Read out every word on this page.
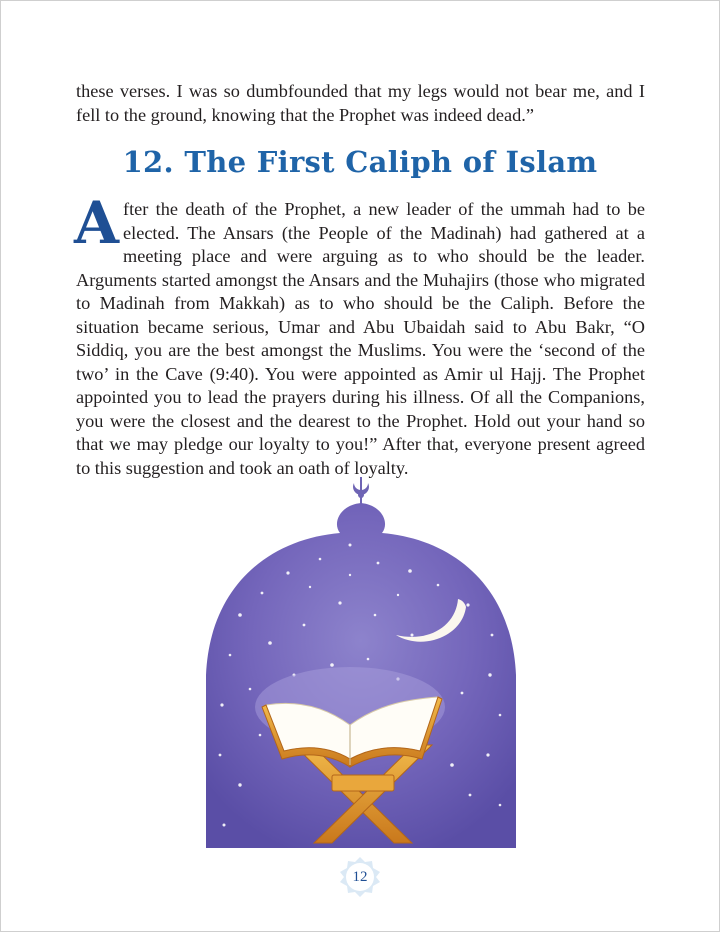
these verses. I was so dumbfounded that my legs would not bear me, and I fell to the ground, knowing that the Prophet was indeed dead.”

12. The First Caliph of Islam

After the death of the Prophet, a new leader of the ummah had to be elected. The Ansars (the People of the Madinah) had gathered at a meeting place and were arguing as to who should be the leader. Arguments started amongst the Ansars and the Muhajirs (those who migrated to Madinah from Makkah) as to who should be the Caliph. Before the situation became serious, Umar and Abu Ubaidah said to Abu Bakr, “O Siddiq, you are the best amongst the Muslims. You were the ‘second of the two’ in the Cave (9:40). You were appointed as Amir ul Hajj. The Prophet appointed you to lead the prayers during his illness. Of all the Companions, you were the closest and the dearest to the Prophet. Hold out your hand so that we may pledge our loyalty to you!” After that, everyone present agreed to this suggestion and took an oath of loyalty.

12
